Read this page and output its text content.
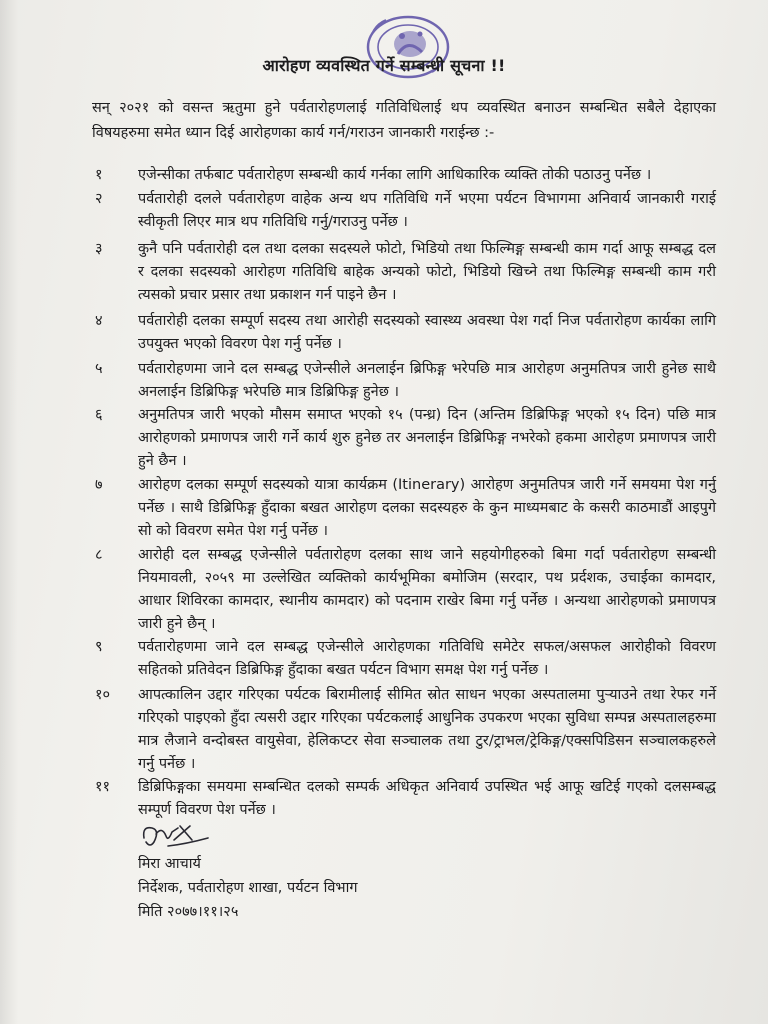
आरोहण व्यवस्थित गर्ने सम्बन्धी सूचना !!
सन् २०२१ को वसन्त ऋतुमा हुने पर्वतारोहणलाई गतिविधिलाई थप व्यवस्थित बनाउन सम्बन्धित सबैले देहाएका विषयहरुमा समेत ध्यान दिई आरोहणका कार्य गर्न/गराउन जानकारी गराईन्छ :-
१	एजेन्सीका तर्फबाट पर्वतारोहण सम्बन्धी कार्य गर्नका लागि आधिकारिक व्यक्ति तोकी पठाउनु पर्नेछ ।
२	पर्वतारोही दलले पर्वतारोहण वाहेक अन्य थप गतिविधि गर्ने भएमा पर्यटन विभागमा अनिवार्य जानकारी गराई स्वीकृती लिएर मात्र थप गतिविधि गर्नु/गराउनु पर्नेछ ।
३	कुनै पनि पर्वतारोही दल तथा दलका सदस्यले फोटो, भिडियो तथा फिल्मिङ्ग सम्बन्धी काम गर्दा आफू सम्बद्ध दल र दलका सदस्यको आरोहण गतिविधि बाहेक अन्यको फोटो, भिडियो खिच्ने तथा फिल्मिङ्ग सम्बन्धी काम गरी त्यसको प्रचार प्रसार तथा प्रकाशन गर्न पाइने छैन ।
४	पर्वतारोही दलका सम्पूर्ण सदस्य तथा आरोही सदस्यको स्वास्थ्य अवस्था पेश गर्दा निज पर्वतारोहण कार्यका लागि उपयुक्त भएको विवरण पेश गर्नु पर्नेछ ।
५	पर्वतारोहणमा जाने दल सम्बद्ध एजेन्सीले अनलाईन ब्रिफिङ्ग भरेपछि मात्र आरोहण अनुमतिपत्र जारी हुनेछ साथै अनलाईन डिब्रिफिङ्ग भरेपछि मात्र डिब्रिफिङ्ग हुनेछ ।
६	अनुमतिपत्र जारी भएको मौसम समाप्त भएको १५ (पन्ध्र) दिन (अन्तिम डिब्रिफिङ्ग भएको १५ दिन) पछि मात्र आरोहणको प्रमाणपत्र जारी गर्ने कार्य शुरु हुनेछ तर अनलाईन डिब्रिफिङ्ग नभरेको हकमा आरोहण प्रमाणपत्र जारी हुने छैन ।
७	आरोहण दलका सम्पूर्ण सदस्यको यात्रा कार्यक्रम (Itinerary) आरोहण अनुमतिपत्र जारी गर्ने समयमा पेश गर्नु पर्नेछ । साथै डिब्रिफिङ्ग हुँदाका बखत आरोहण दलका सदस्यहरु के कुन माध्यमबाट के कसरी काठमाडौं आइपुगे सो को विवरण समेत पेश गर्नु पर्नेछ ।
८	आरोही दल सम्बद्ध एजेन्सीले पर्वतारोहण दलका साथ जाने सहयोगीहरुको बिमा गर्दा पर्वतारोहण सम्बन्धी नियमावली, २०५९ मा उल्लेखित व्यक्तिको कार्यभूमिका बमोजिम (सरदार, पथ प्रर्दशक, उचाईका कामदार, आधार शिविरका कामदार, स्थानीय कामदार) को पदनाम राखेर बिमा गर्नु पर्नेछ । अन्यथा आरोहणको प्रमाणपत्र जारी हुने छैन् ।
९	पर्वतारोहणमा जाने दल सम्बद्ध एजेन्सीले आरोहणका गतिविधि समेटेर सफल/असफल आरोहीको विवरण सहितको प्रतिवेदन डिब्रिफिङ्ग हुँदाका बखत पर्यटन विभाग समक्ष पेश गर्नु पर्नेछ ।
१०	आपत्कालिन उद्दार गरिएका पर्यटक बिरामीलाई सीमित स्रोत साधन भएका अस्पतालमा पुऱ्याउने तथा रेफर गर्ने गरिएको पाइएको हुँदा त्यसरी उद्दार गरिएका पर्यटकलाई आधुनिक उपकरण भएका सुविधा सम्पन्न अस्पतालहरुमा मात्र लैजाने वन्दोबस्त वायुसेवा, हेलिकप्टर सेवा सञ्चालक तथा टुर/ट्राभल/ट्रेकिङ्ग/एक्सपिडिसन सञ्चालकहरुले गर्नु पर्नेछ ।
११	डिब्रिफिङ्गका समयमा सम्बन्धित दलको सम्पर्क अधिकृत अनिवार्य उपस्थित भई आफू खटिई गएको दलसम्बद्ध सम्पूर्ण विवरण पेश पर्नेछ ।
मिरा आचार्य
निर्देशक, पर्वतारोहण शाखा, पर्यटन विभाग
मिति २०७७।११।२५
